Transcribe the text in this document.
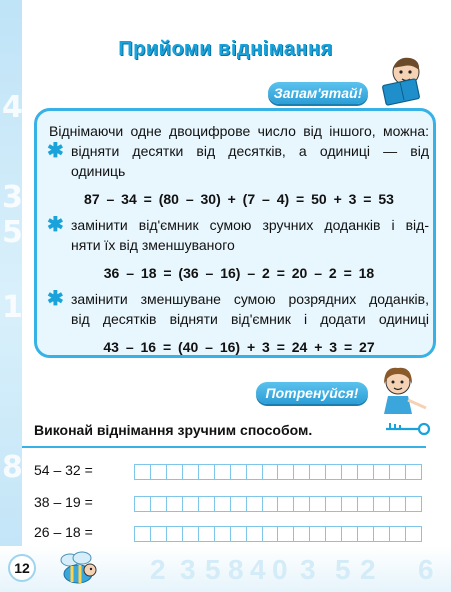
4
3
5
1
8
2 3 5 8 4 0 3 5 2 6
Прийоми віднімання
Запам'ятай!
Віднімаючи одне двоцифрове число від іншого, можна:
✱ відняти десятки від десятків, а одиниці — від
одиниць
87 – 34 = (80 – 30) + (7 – 4) = 50 + 3 = 53
✱ замінити від'ємник сумою зручних доданків і від-
няти їх від зменшуваного
36 – 18 = (36 – 16) – 2 = 20 – 2 = 18
✱ замінити зменшуване сумою розрядних доданків,
від десятків відняти від'ємник і додати одиниці
43 – 16 = (40 – 16) + 3 = 24 + 3 = 27
Потренуйся!
Виконай віднімання зручним способом.
54 – 32 =
38 – 19 =
26 – 18 =
12
